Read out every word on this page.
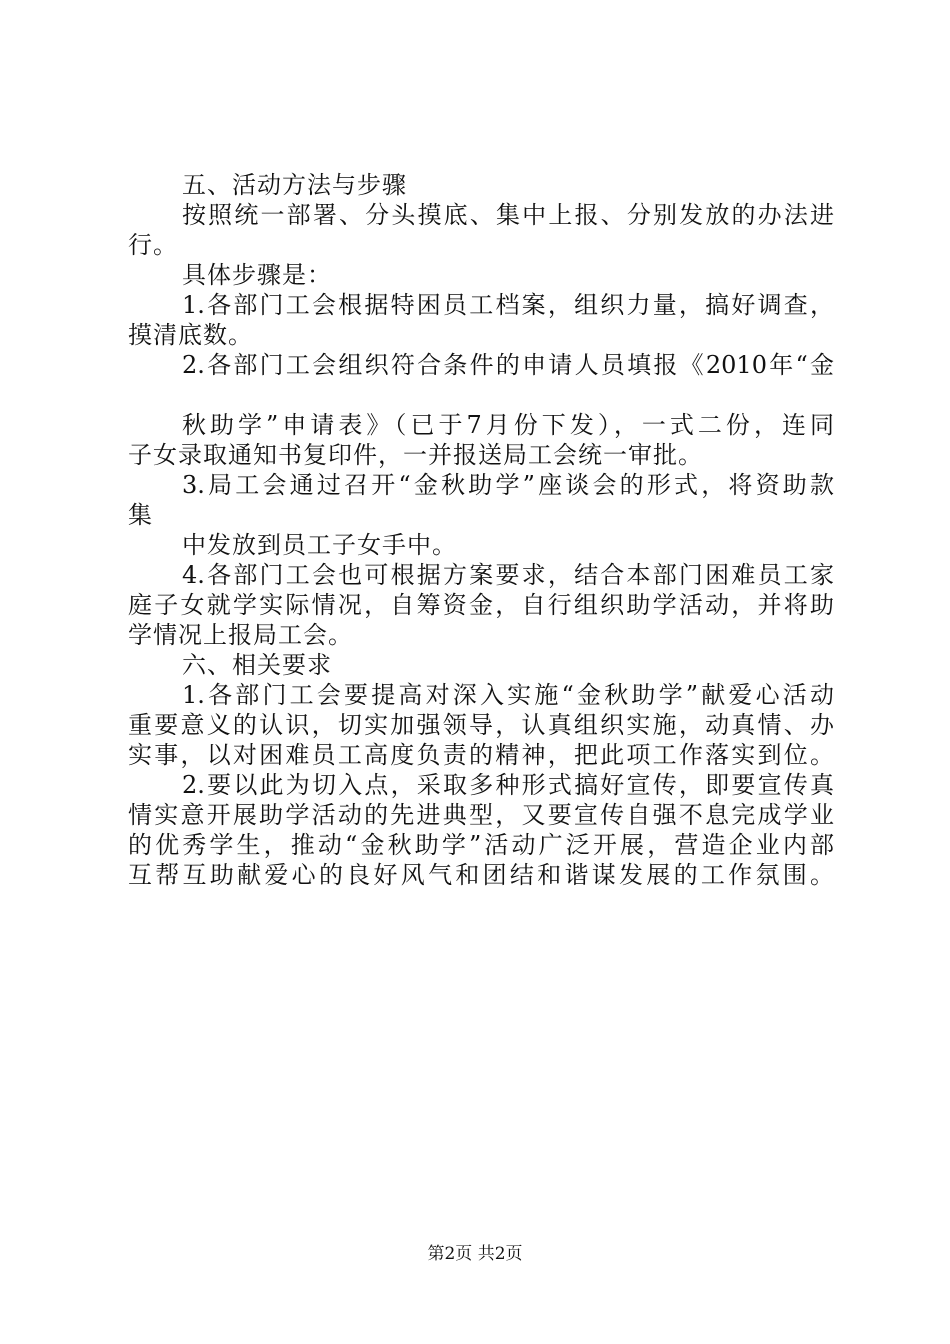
五、活动方法与步骤
按照统一部署、分头摸底、集中上报、分别发放的办法进
行。
具体步骤是：
1.各部门工会根据特困员工档案，组织力量，搞好调查，
摸清底数。
2.各部门工会组织符合条件的申请人员填报《2010年“金
秋助学”申请表》（已于7月份下发），一式二份，连同
子女录取通知书复印件，一并报送局工会统一审批。
3.局工会通过召开“金秋助学”座谈会的形式，将资助款
集
中发放到员工子女手中。
4.各部门工会也可根据方案要求，结合本部门困难员工家
庭子女就学实际情况，自筹资金，自行组织助学活动，并将助
学情况上报局工会。
六、相关要求
1.各部门工会要提高对深入实施“金秋助学”献爱心活动
重要意义的认识，切实加强领导，认真组织实施，动真情、办
实事，以对困难员工高度负责的精神，把此项工作落实到位。
2.要以此为切入点，采取多种形式搞好宣传，即要宣传真
情实意开展助学活动的先进典型，又要宣传自强不息完成学业
的优秀学生，推动“金秋助学”活动广泛开展，营造企业内部
互帮互助献爱心的良好风气和团结和谐谋发展的工作氛围。
第2页 共2页
